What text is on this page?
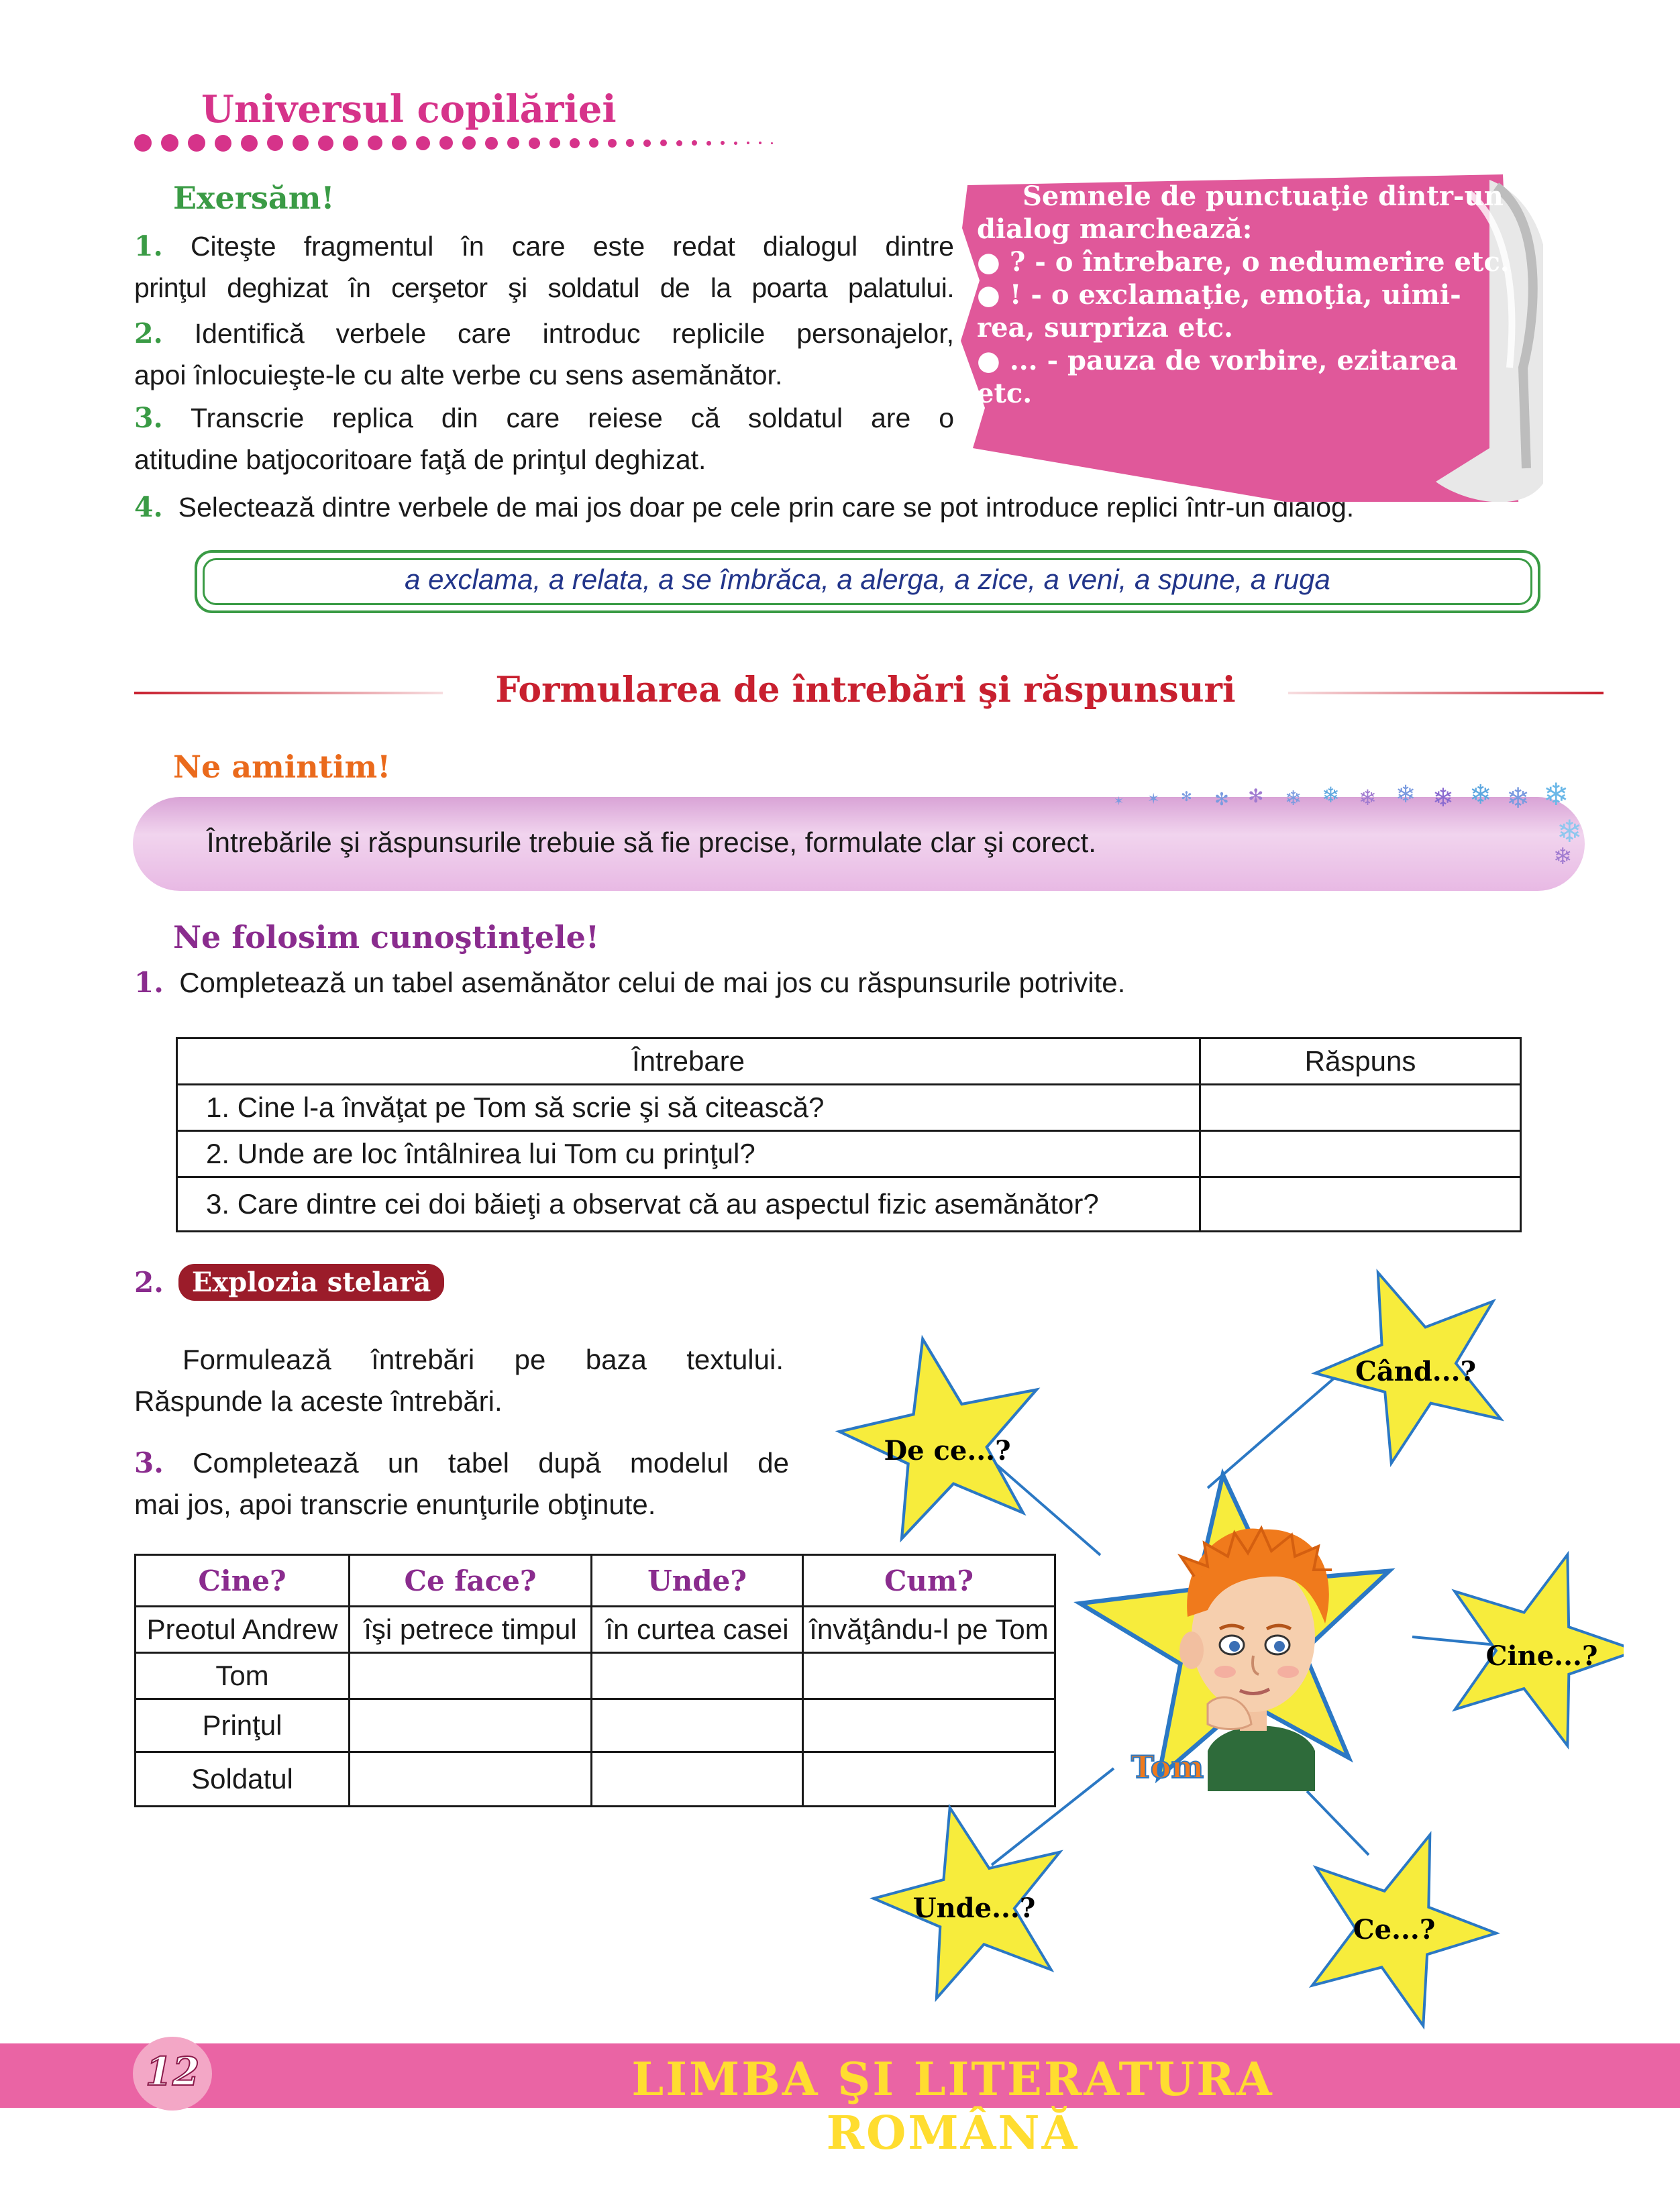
Universul copilăriei
Exersăm!
1. Citeşte fragmentul în care este redat dialogul dintre
prinţul deghizat în cerşetor şi soldatul de la poarta palatului.
2. Identifică verbele care introduc replicile personajelor,
apoi înlocuieşte-le cu alte verbe cu sens asemănător.
3. Transcrie replica din care reiese că soldatul are o
atitudine batjocoritoare faţă de prinţul deghizat.
4. Selectează dintre verbele de mai jos doar pe cele prin care se pot introduce replici într-un dialog.
a exclama, a relata, a se îmbrăca, a alerga, a zice, a veni, a spune, a ruga
Semnele de punctuaţie dintr-un
dialog marchează:
● ? - o întrebare, o nedumerire etc.
● ! - o exclamaţie, emoţia, uimi-
rea, surpriza etc.
● ... - pauza de vorbire, ezitarea etc.
Formularea de întrebări şi răspunsuri
Ne amintim!
Întrebările şi răspunsurile trebuie să fie precise, formulate clar şi corect.
✶ ✶ ✻ ✻ ✻ ❄ ❄ ❄ ❄ ❄ ❄ ❄ ❄
❄
❄
Ne folosim cunoştinţele!
1. Completează un tabel asemănător celui de mai jos cu răspunsurile potrivite.
Întrebare	Răspuns
1. Cine l-a învăţat pe Tom să scrie şi să citească?	
2. Unde are loc întâlnirea lui Tom cu prinţul?	
3. Care dintre cei doi băieţi a observat că au aspectul fizic asemănător?	
2.	Explozia stelară
Formulează întrebări pe baza textului.
Răspunde la aceste întrebări.
3. Completează un tabel după modelul de
mai jos, apoi transcrie enunţurile obţinute.
Cine?	Ce face?	Unde?	Cum?
Preotul Andrew	îşi petrece timpul	în curtea casei	învăţându-l pe Tom
Tom			
Prinţul			
Soldatul			
Când...?
De ce...?
Cine...?
Unde...?
Ce...?
Tom
12	LIMBA ŞI LITERATURA ROMÂNĂ
